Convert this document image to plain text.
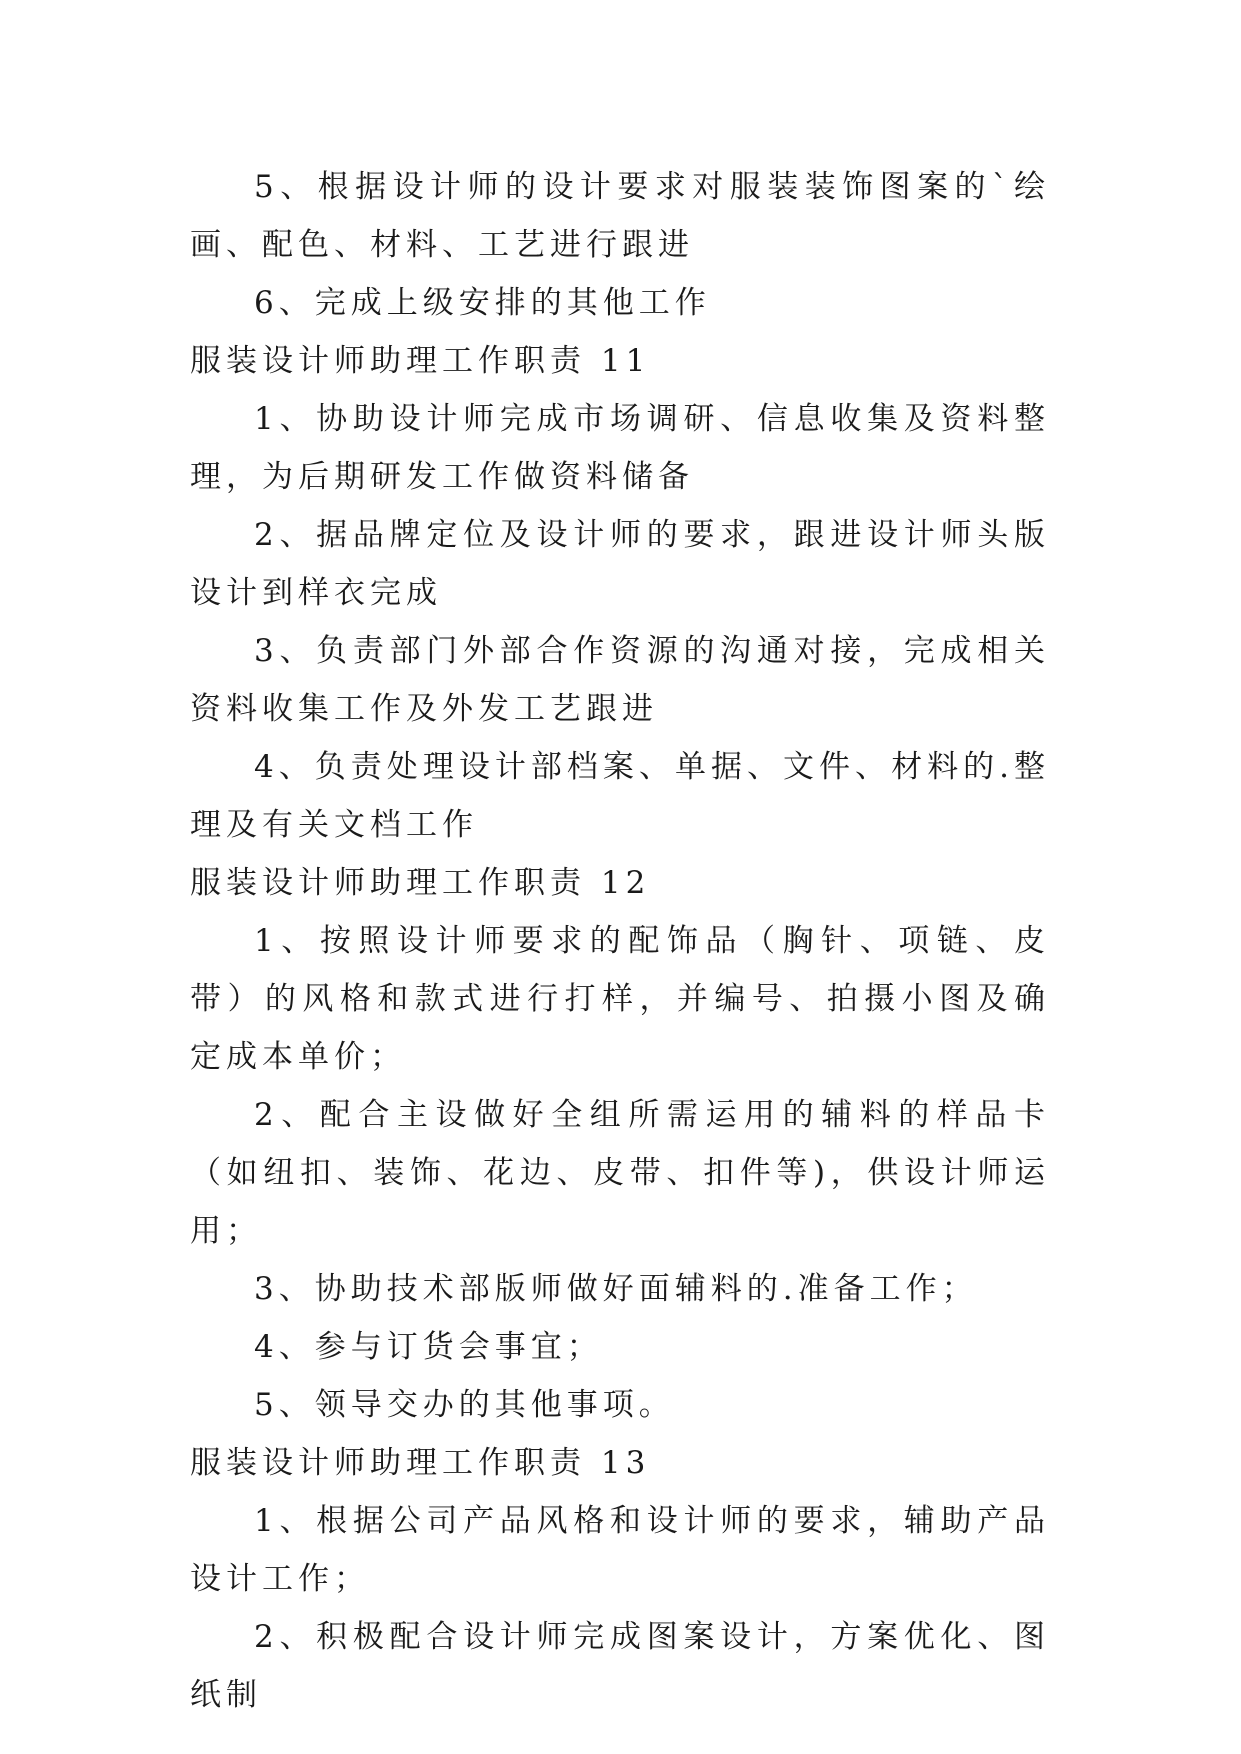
5、根据设计师的设计要求对服装装饰图案的`绘画、配色、材料、工艺进行跟进

6、完成上级安排的其他工作

服装设计师助理工作职责 11

1、协助设计师完成市场调研、信息收集及资料整理，为后期研发工作做资料储备

2、据品牌定位及设计师的要求，跟进设计师头版设计到样衣完成

3、负责部门外部合作资源的沟通对接，完成相关资料收集工作及外发工艺跟进

4、负责处理设计部档案、单据、文件、材料的.整理及有关文档工作

服装设计师助理工作职责 12

1、按照设计师要求的配饰品（胸针、项链、皮带）的风格和款式进行打样，并编号、拍摄小图及确定成本单价；

2、配合主设做好全组所需运用的辅料的样品卡（如纽扣、装饰、花边、皮带、扣件等)，供设计师运用；

3、协助技术部版师做好面辅料的.准备工作；

4、参与订货会事宜；

5、领导交办的其他事项。

服装设计师助理工作职责 13

1、根据公司产品风格和设计师的要求，辅助产品设计工作；

2、积极配合设计师完成图案设计，方案优化、图纸制
